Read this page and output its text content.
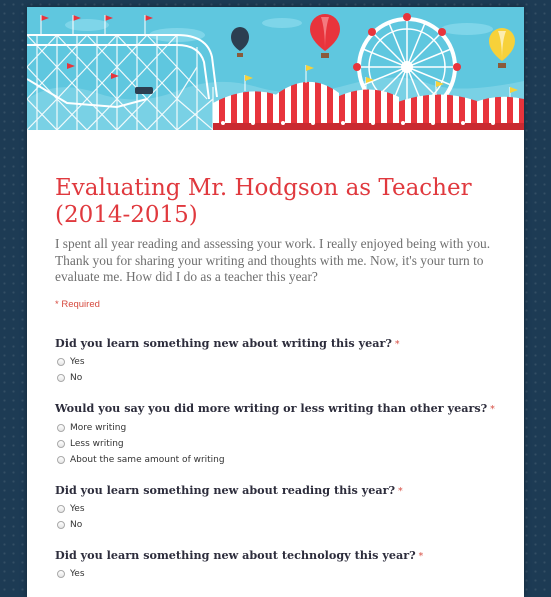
Evaluating Mr. Hodgson as Teacher (2014-2015)

I spent all year reading and assessing your work. I really enjoyed being with you. Thank you for sharing your writing and thoughts with me. Now, it's your turn to evaluate me. How did I do as a teacher this year?

* Required

Did you learn something new about writing this year? *

Yes
No

Would you say you did more writing or less writing than other years? *

More writing
Less writing
About the same amount of writing

Did you learn something new about reading this year? *

Yes
No

Did you learn something new about technology this year? *

Yes
